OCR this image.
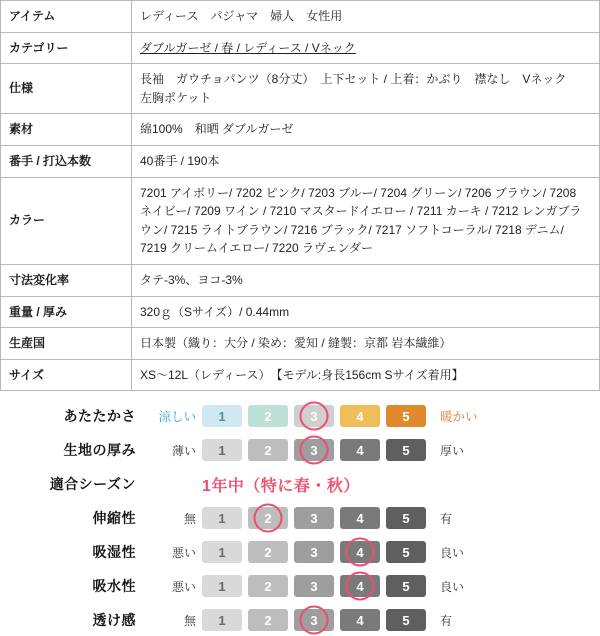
アイテム	レディース　パジャマ　婦人　女性用

カテゴリー	ダブルガーゼ / 春 / レディース / Vネック

仕様	長袖　ガウチョパンツ（8分丈）　上下セット / 上着：かぶり　襟なし　Vネック
左胸ポケット

素材	綿100%　和晒 ダブルガーゼ

番手 / 打込本数	40番手 / 190本

カラー	7201 アイボリー/ 7202 ピンク/ 7203 ブルー/ 7204 グリーン/ 7206 ブラウン/ 7208 ネイビー/ 7209 ワイン / 7210 マスタードイエロー / 7211 カーキ / 7212 レンガブラウン/ 7215 ライトブラウン/ 7216 ブラック/ 7217 ソフトコーラル/ 7218 デニム/ 7219 クリームイエロー/ 7220 ラヴェンダー

寸法変化率	タテ-3%、ヨコ-3%

重量 / 厚み	320ｇ（Sサイズ）/ 0.44mm

生産国	日本製（織り：大分 / 染め：愛知 / 縫製：京都 岩本繊維）

サイズ	XS〜12L（レディース）　【モデル:身長156cm Sサイズ着用】
あたたかさ	涼しい	1	2	3	4	5	暖かい
生地の厚み	薄い	1	2	3	4	5	厚い
適合シーズン	1年中（特に春・秋）
伸縮性	無	1	2	3	4	5	有
吸湿性	悪い	1	2	3	4	5	良い
吸水性	悪い	1	2	3	4	5	良い
透け感	無	1	2	3	4	5	有
